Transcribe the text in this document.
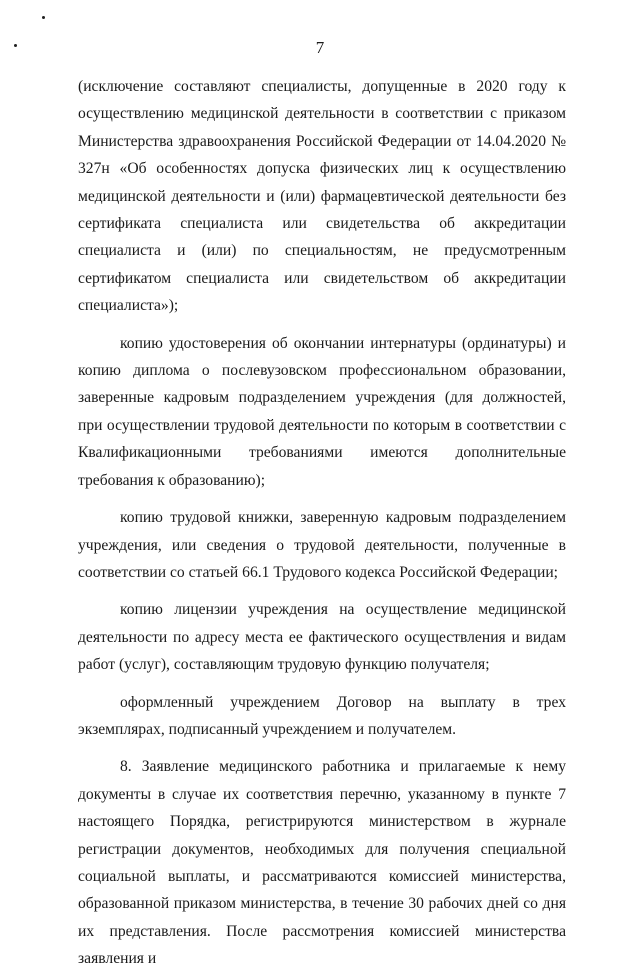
7

(исключение составляют специалисты, допущенные в 2020 году к осуществлению медицинской деятельности в соответствии с приказом Министерства здравоохранения Российской Федерации от 14.04.2020 № 327н «Об особенностях допуска физических лиц к осуществлению медицинской деятельности и (или) фармацевтической деятельности без сертификата специалиста или свидетельства об аккредитации специалиста и (или) по специальностям, не предусмотренным сертификатом специалиста или свидетельством об аккредитации специалиста»);

копию удостоверения об окончании интернатуры (ординатуры) и копию диплома о послевузовском профессиональном образовании, заверенные кадровым подразделением учреждения (для должностей, при осуществлении трудовой деятельности по которым в соответствии с Квалификационными требованиями имеются дополнительные требования к образованию);

копию трудовой книжки, заверенную кадровым подразделением учреждения, или сведения о трудовой деятельности, полученные в соответствии со статьей 66.1 Трудового кодекса Российской Федерации;

копию лицензии учреждения на осуществление медицинской деятельности по адресу места ее фактического осуществления и видам работ (услуг), составляющим трудовую функцию получателя;

оформленный учреждением Договор на выплату в трех экземплярах, подписанный учреждением и получателем.

8. Заявление медицинского работника и прилагаемые к нему документы в случае их соответствия перечню, указанному в пункте 7 настоящего Порядка, регистрируются министерством в журнале регистрации документов, необходимых для получения специальной социальной выплаты, и рассматриваются комиссией министерства, образованной приказом министерства, в течение 30 рабочих дней со дня их представления. После рассмотрения комиссией министерства заявления и
